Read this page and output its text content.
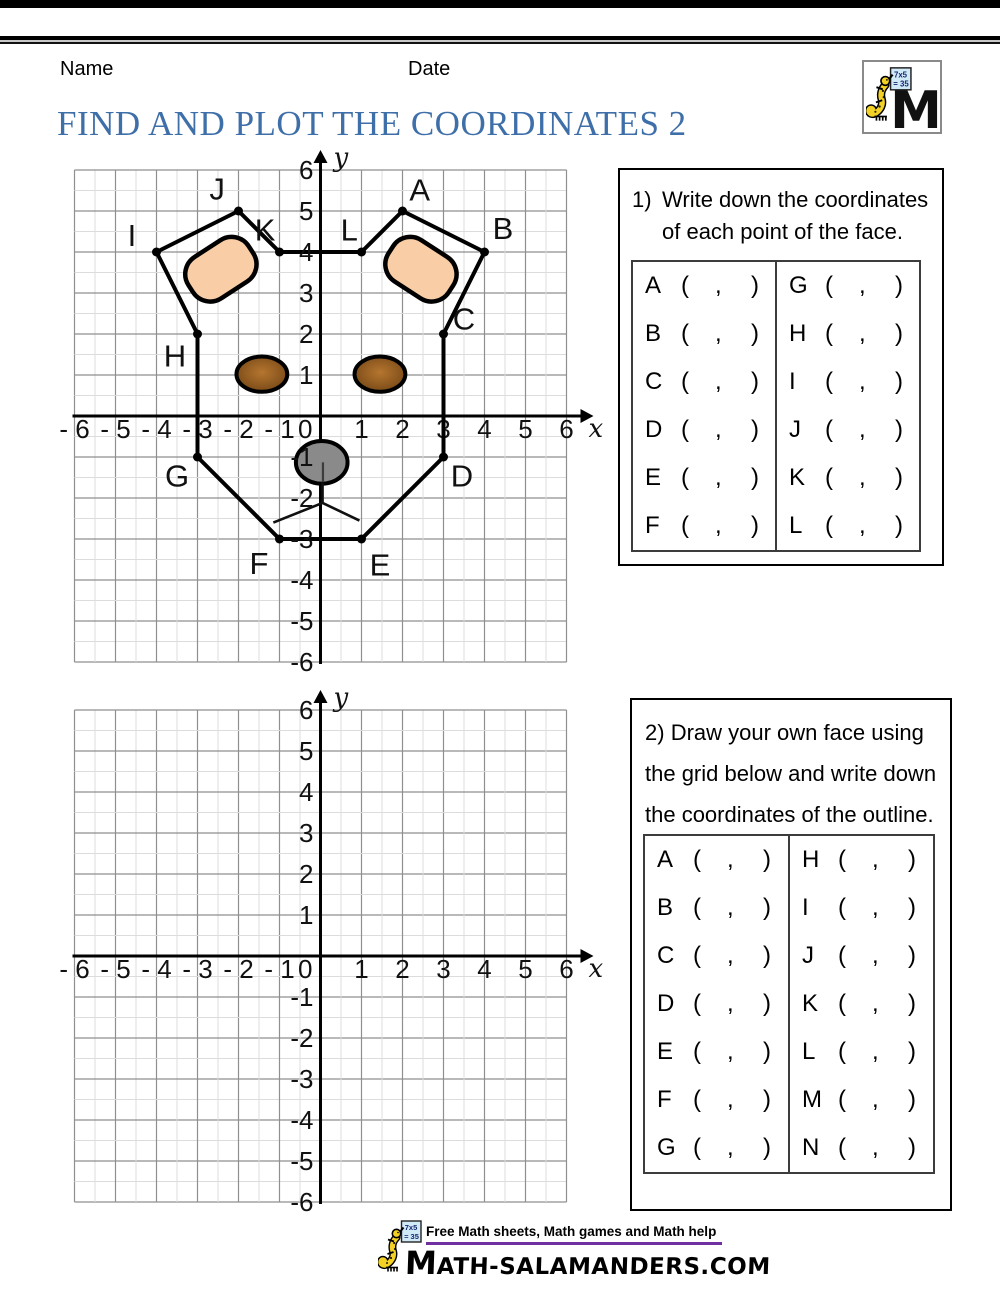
Name	Date
M
FIND AND PLOT THE COORDINATES 2
- 6 - 5 - 4 - 3 - 2 - 1 0 1 2 3 4 5 6 x
y
A
B
C
D
E
F
G
H
I
J
K L
6
5
4
3
2
1
-1
-2
-3
-4
-5
-6
- 6 - 5 - 4 - 3 - 2 - 1 0 1 2 3 4 5 6 x
y
6
5
4
3
2
1
-1
-2
-3
-4
-5
-6
1) Write down the coordinates
of each point of the face.
A (	,	)
B (	,	)
C (	,	)
D (	,	)
E (	,	)
F (	,	)
G (	,	)
H (	,	)
I	(	,	)
J	(	,	)
K (	,	)
L (	,	)
2) Draw your own face using
the grid below and write down
the coordinates of the outline.
A (	,	)
B (	,	)
C (	,	)
D (	,	)
E (	,	)
F (	,	)
G (	,	)
H (	,	)
I	(	,	)
J	(	,	)
K (	,	)
L (	,	)
M (	,	)
N (	,	)
Free Math sheets, Math games and Math help
MATH-SALAMANDERS.COM
